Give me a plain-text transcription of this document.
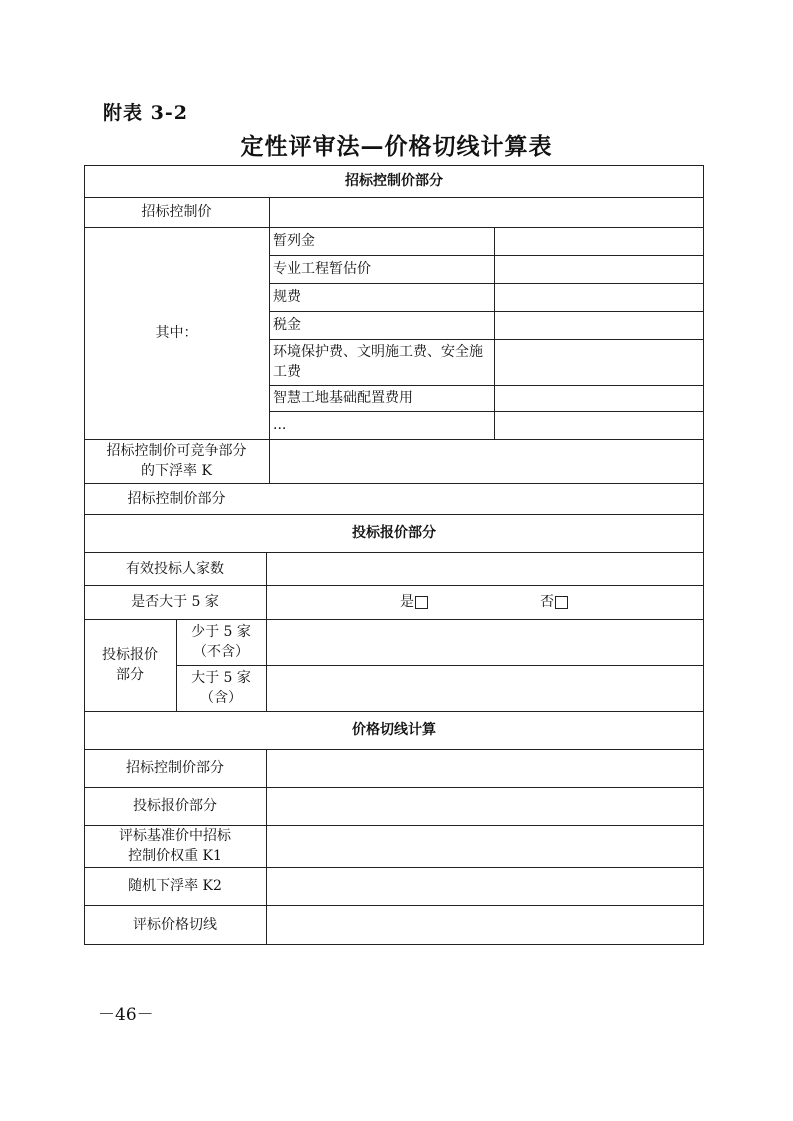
附表 3-2
定性评审法—价格切线计算表
招标控制价部分
招标控制价
其中：
暂列金
专业工程暂估价
规费
税金
环境保护费、文明施工费、安全施工费
智慧工地基础配置费用
...
招标控制价可竞争部分
的下浮率 K
招标控制价部分
投标报价部分
有效投标人家数
是否大于 5 家	是	否
投标报价
部分
少于 5 家
（不含）
大于 5 家
（含）
价格切线计算
招标控制价部分
投标报价部分
评标基准价中招标
控制价权重 K1
随机下浮率 K2
评标价格切线
－46－
